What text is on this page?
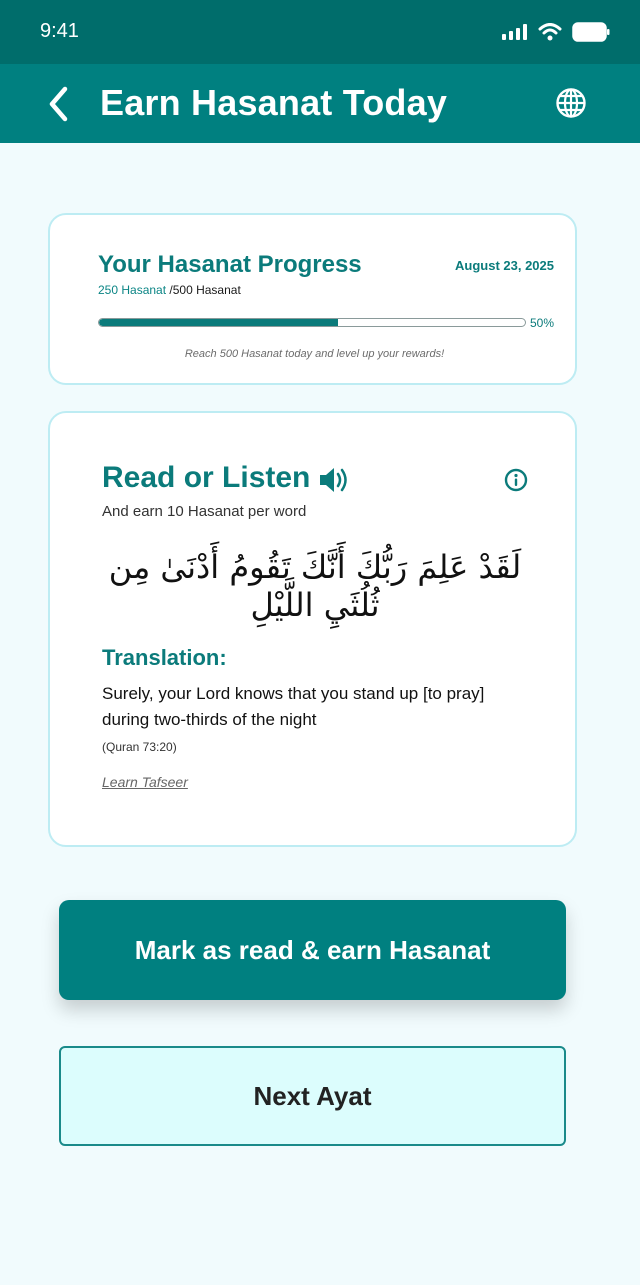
9:41
Earn Hasanat Today
Your Hasanat Progress	August 23, 2025
250 Hasanat /500 Hasanat
50%
Reach 500 Hasanat today and level up your rewards!
Read or Listen
And earn 10 Hasanat per word
لَقَدْ عَلِمَ رَبُّكَ أَنَّكَ تَقُومُ أَدْنَىٰ مِن ثُلُثَيِ اللَّيْلِ
Translation:
Surely, your Lord knows that you stand up [to pray] during two-thirds of the night
(Quran 73:20)
Learn Tafseer
Mark as read & earn Hasanat
Next Ayat
